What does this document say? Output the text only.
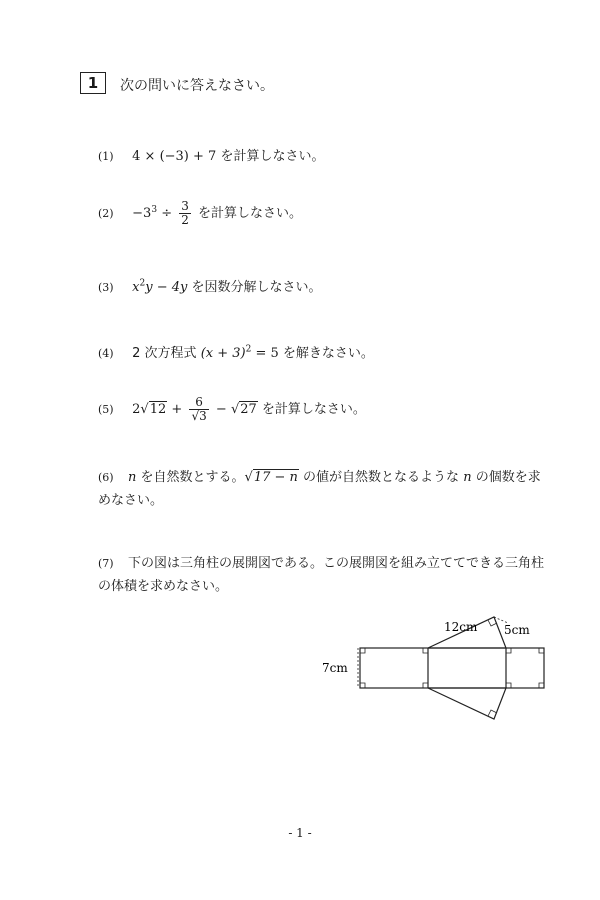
1 次の問いに答えなさい。
(1) 4 × (−3) + 7 を計算しなさい。
$(2) -3^3 \div \frac{3}{2}$ を計算しなさい。
(3) $x^2y - 4y$ を因数分解しなさい。
(4) 2 次方程式 $(x + 3)^2 = 5$ を解きなさい。
(5) $2√12 + \frac{6}{√3} - √27$ を計算しなさい。
(6) n を自然数とする。√17 − n の値が自然数となるような n の個数を求めなさい。
(7) 下の図は三角柱の展開図である。この展開図を組み立ててできる三角柱の体積を求めなさい。
12cm 5cm
7cm
- 1 -
